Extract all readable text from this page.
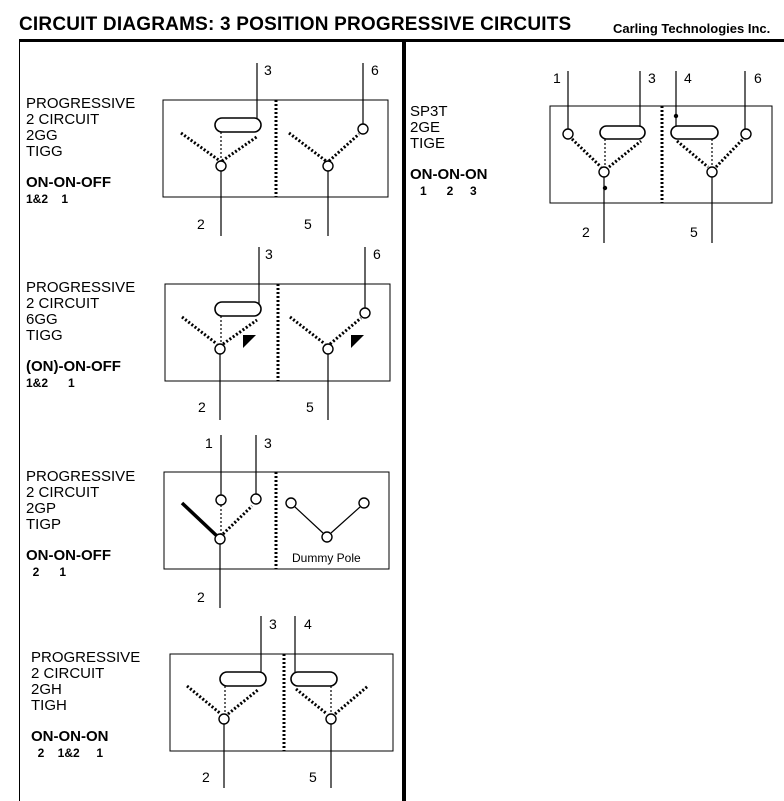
CIRCUIT DIAGRAMS: 3 POSITION PROGRESSIVE CIRCUITS	Carling Technologies Inc.
PROGRESSIVE
2 CIRCUIT
2GG
TIGG
ON-ON-OFF
1&2    1
3	6
2	5
PROGRESSIVE
2 CIRCUIT
6GG
TIGG
(ON)-ON-OFF
1&2      1
3	6
2	5
PROGRESSIVE
2 CIRCUIT
2GP
TIGP
ON-ON-OFF
2      1
Dummy Pole
1	3
2
PROGRESSIVE
2 CIRCUIT
2GH
TIGH
ON-ON-ON
2    1&2     1
3 4
2	5
SP3T
2GE
TIGE
ON-ON-ON
1      2     3
1	3 4	6
2	5
